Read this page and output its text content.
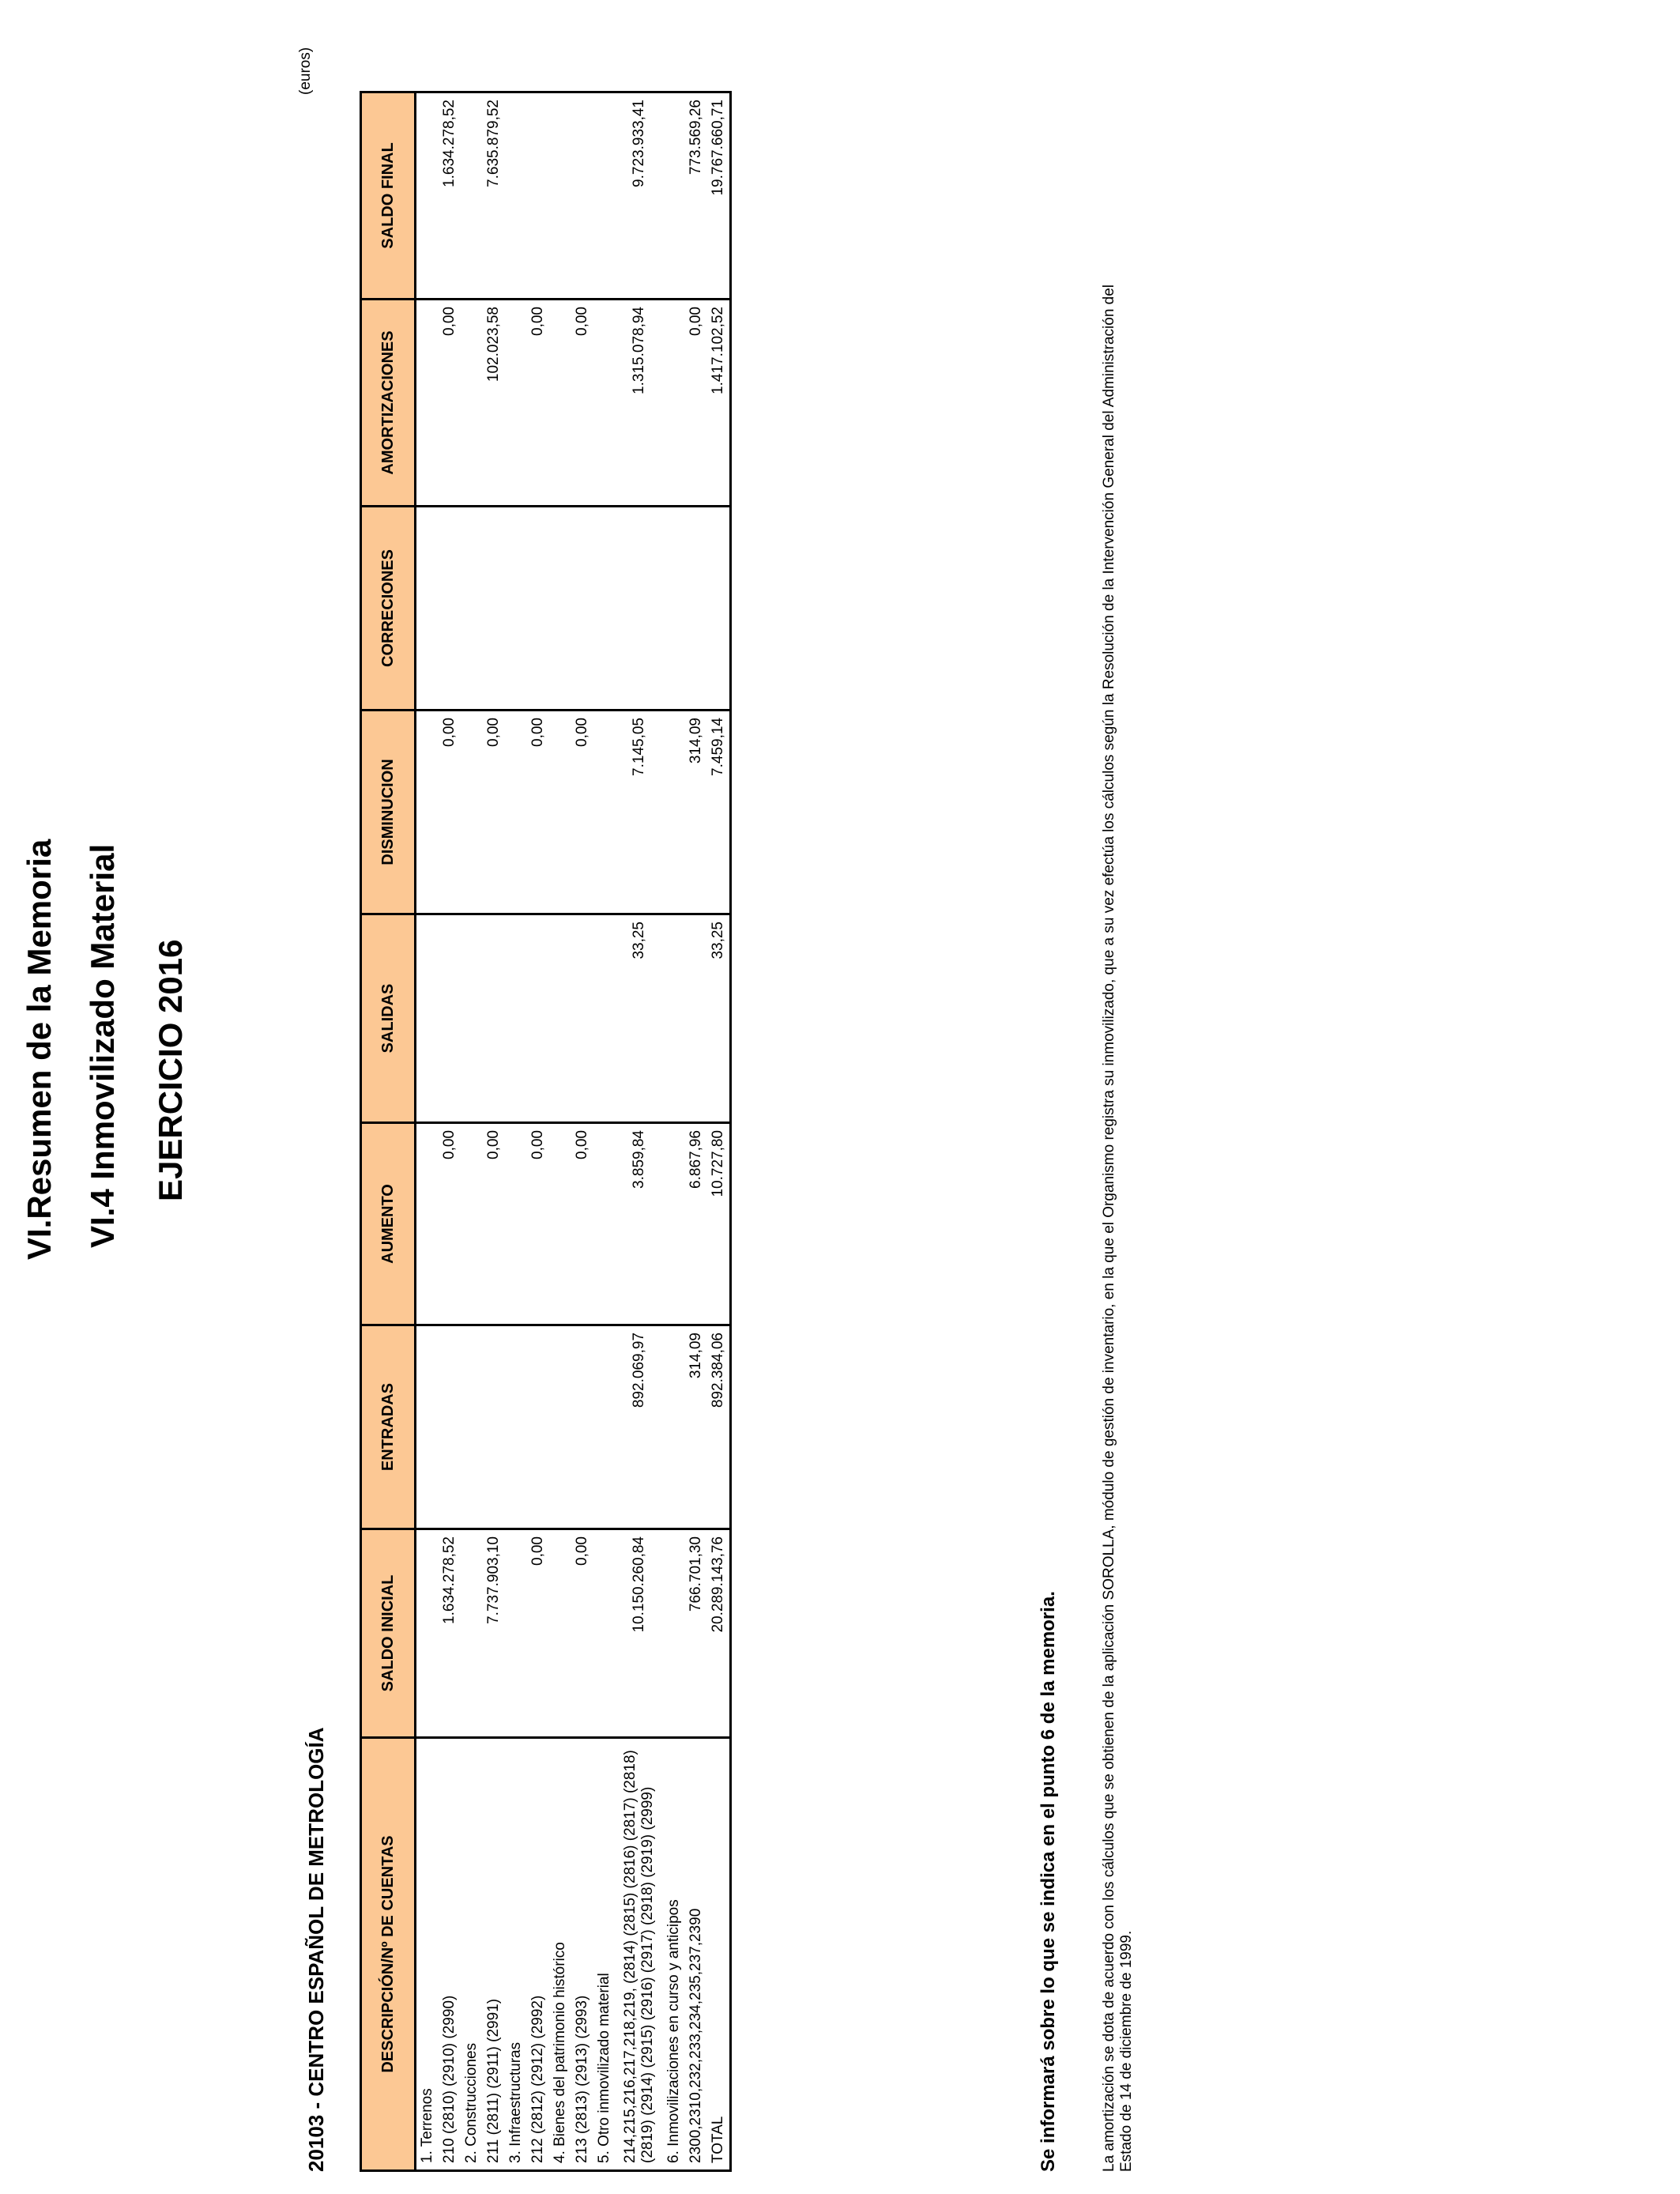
VI.Resumen de la Memoria VI.4 Inmovilizado Material EJERCICIO 2016
(euros)
20103 - CENTRO ESPAÑOL DE METROLOGÍA	DESCRIPCIÓN/Nº DE CUENTAS	SALDO INICIAL	ENTRADAS	AUMENTO	SALIDAS	DISMINUCION	CORRECIONES	AMORTIZACIONES	SALDO FINAL
1. Terrenos								
210 (2810) (2910) (2990)	1.634.278,52		0,00		0,00		0,00	1.634.278,52
2. Construcciones								
211 (2811) (2911) (2991)	7.737.903,10		0,00		0,00		102.023,58	7.635.879,52
3. Infraestructuras								
212 (2812) (2912) (2992)	0,00		0,00		0,00		0,00	
4. Bienes del patrimonio histórico								
213 (2813) (2913) (2993)	0,00		0,00		0,00		0,00	
5. Otro inmovilizado material								
214,215,216,217,218,219, (2814) (2815) (2816) (2817) (2818) (2819) (2914) (2915) (2916) (2917) (2918) (2919) (2999)	10.150.260,84	892.069,97	3.859,84	33,25	7.145,05		1.315.078,94	9.723.933,41
6. Inmovilizaciones en curso y anticipos								
2300,2310,232,233,234,235,237,2390	766.701,30	314,09	6.867,96		314,09		0,00	773.569,26
TOTAL	20.289.143,76	892.384,06	10.727,80	33,25	7.459,14		1.417.102,52	19.767.660,71
Se informará sobre lo que se indica en el punto 6 de la memoria.	La amortización se dota de acuerdo con los cálculos que se obtienen de la aplicación SOROLLA, módulo de gestión de inventario, en la que el Organismo registra su inmovilizado, que a su vez efectúa los cálculos según la Resolución de la Intervención General del Administración del Estado de 14 de diciembre de 1999.
